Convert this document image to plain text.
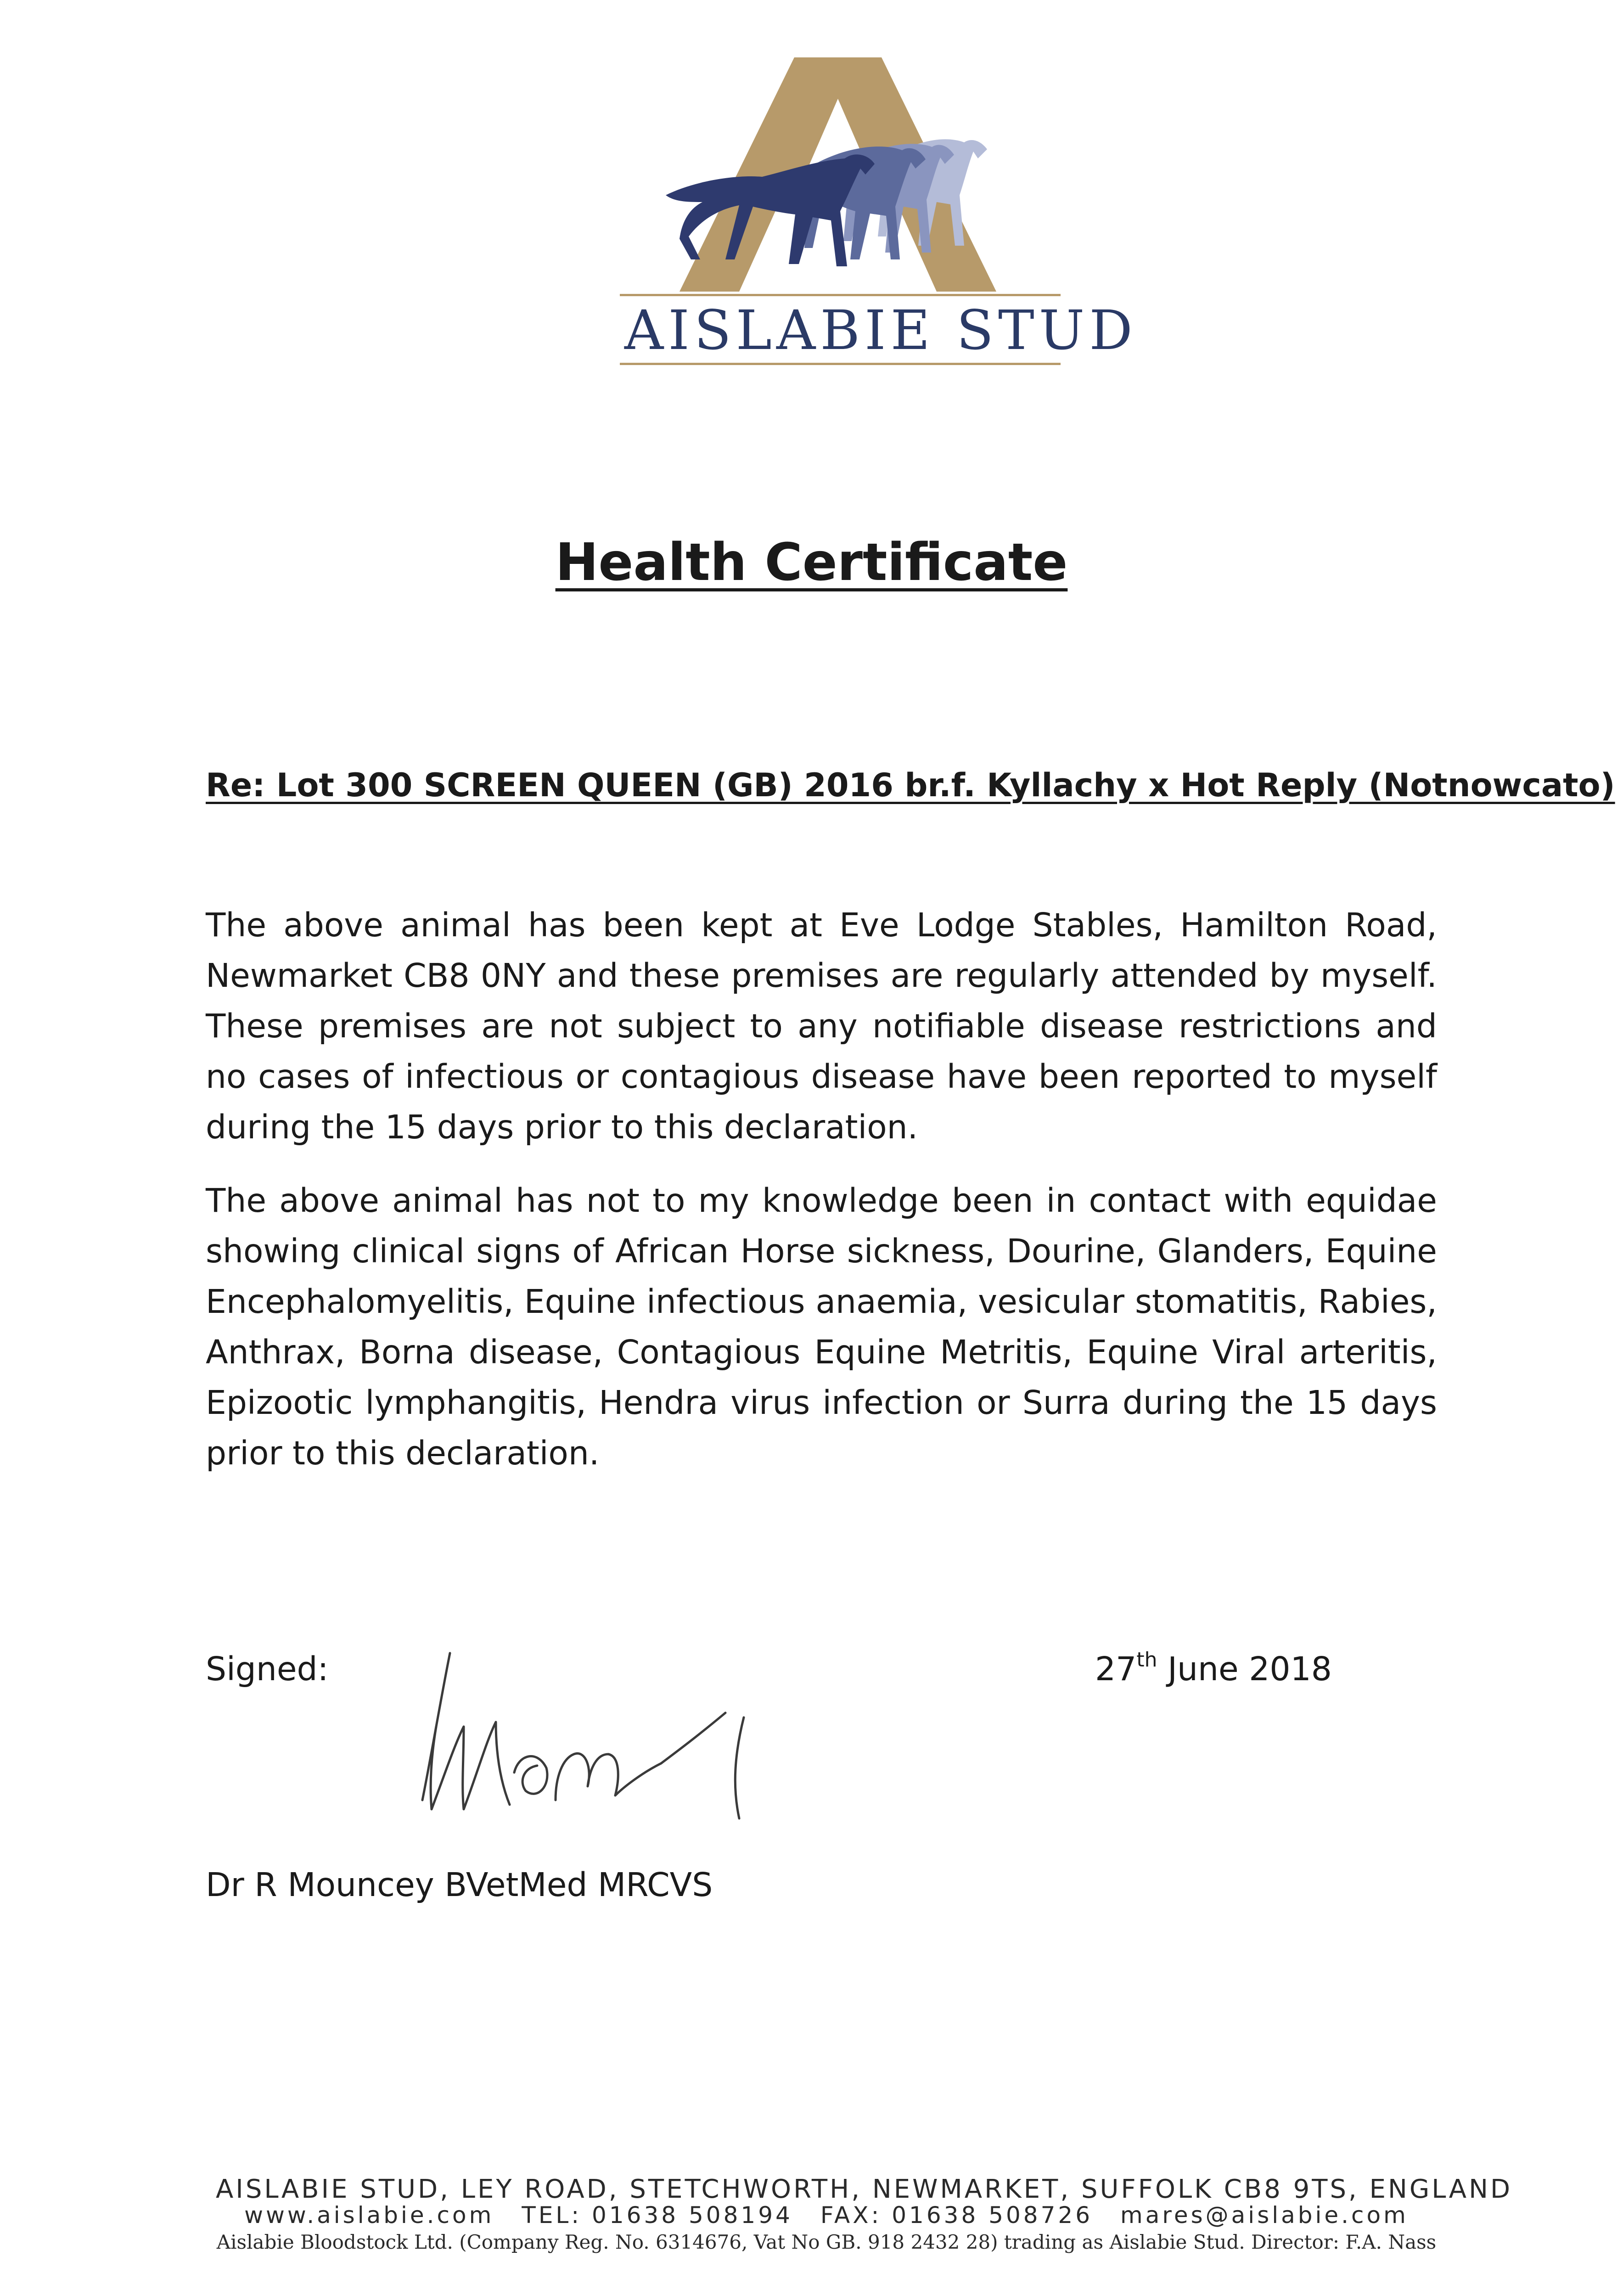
AISLABIE STUD
Health Certificate
Re: Lot 300 SCREEN QUEEN (GB) 2016 br.f. Kyllachy x Hot Reply (Notnowcato)
The above animal has been kept at Eve Lodge Stables, Hamilton Road, Newmarket CB8 0NY and these premises are regularly attended by myself. These premises are not subject to any notifiable disease restrictions and no cases of infectious or contagious disease have been reported to myself during the 15 days prior to this declaration.
The above animal has not to my knowledge been in contact with equidae showing clinical signs of African Horse sickness, Dourine, Glanders, Equine Encephalomyelitis, Equine infectious anaemia, vesicular stomatitis, Rabies, Anthrax, Borna disease, Contagious Equine Metritis, Equine Viral arteritis, Epizootic lymphangitis, Hendra virus infection or Surra during the 15 days prior to this declaration.
Signed:	27th June 2018
Dr R Mouncey BVetMed MRCVS
AISLABIE STUD, LEY ROAD, STETCHWORTH, NEWMARKET, SUFFOLK CB8 9TS, ENGLAND
www.aislabie.com TEL: 01638 508194 FAX: 01638 508726 mares@aislabie.com
Aislabie Bloodstock Ltd. (Company Reg. No. 6314676, Vat No GB. 918 2432 28) trading as Aislabie Stud. Director: F.A. Nass
